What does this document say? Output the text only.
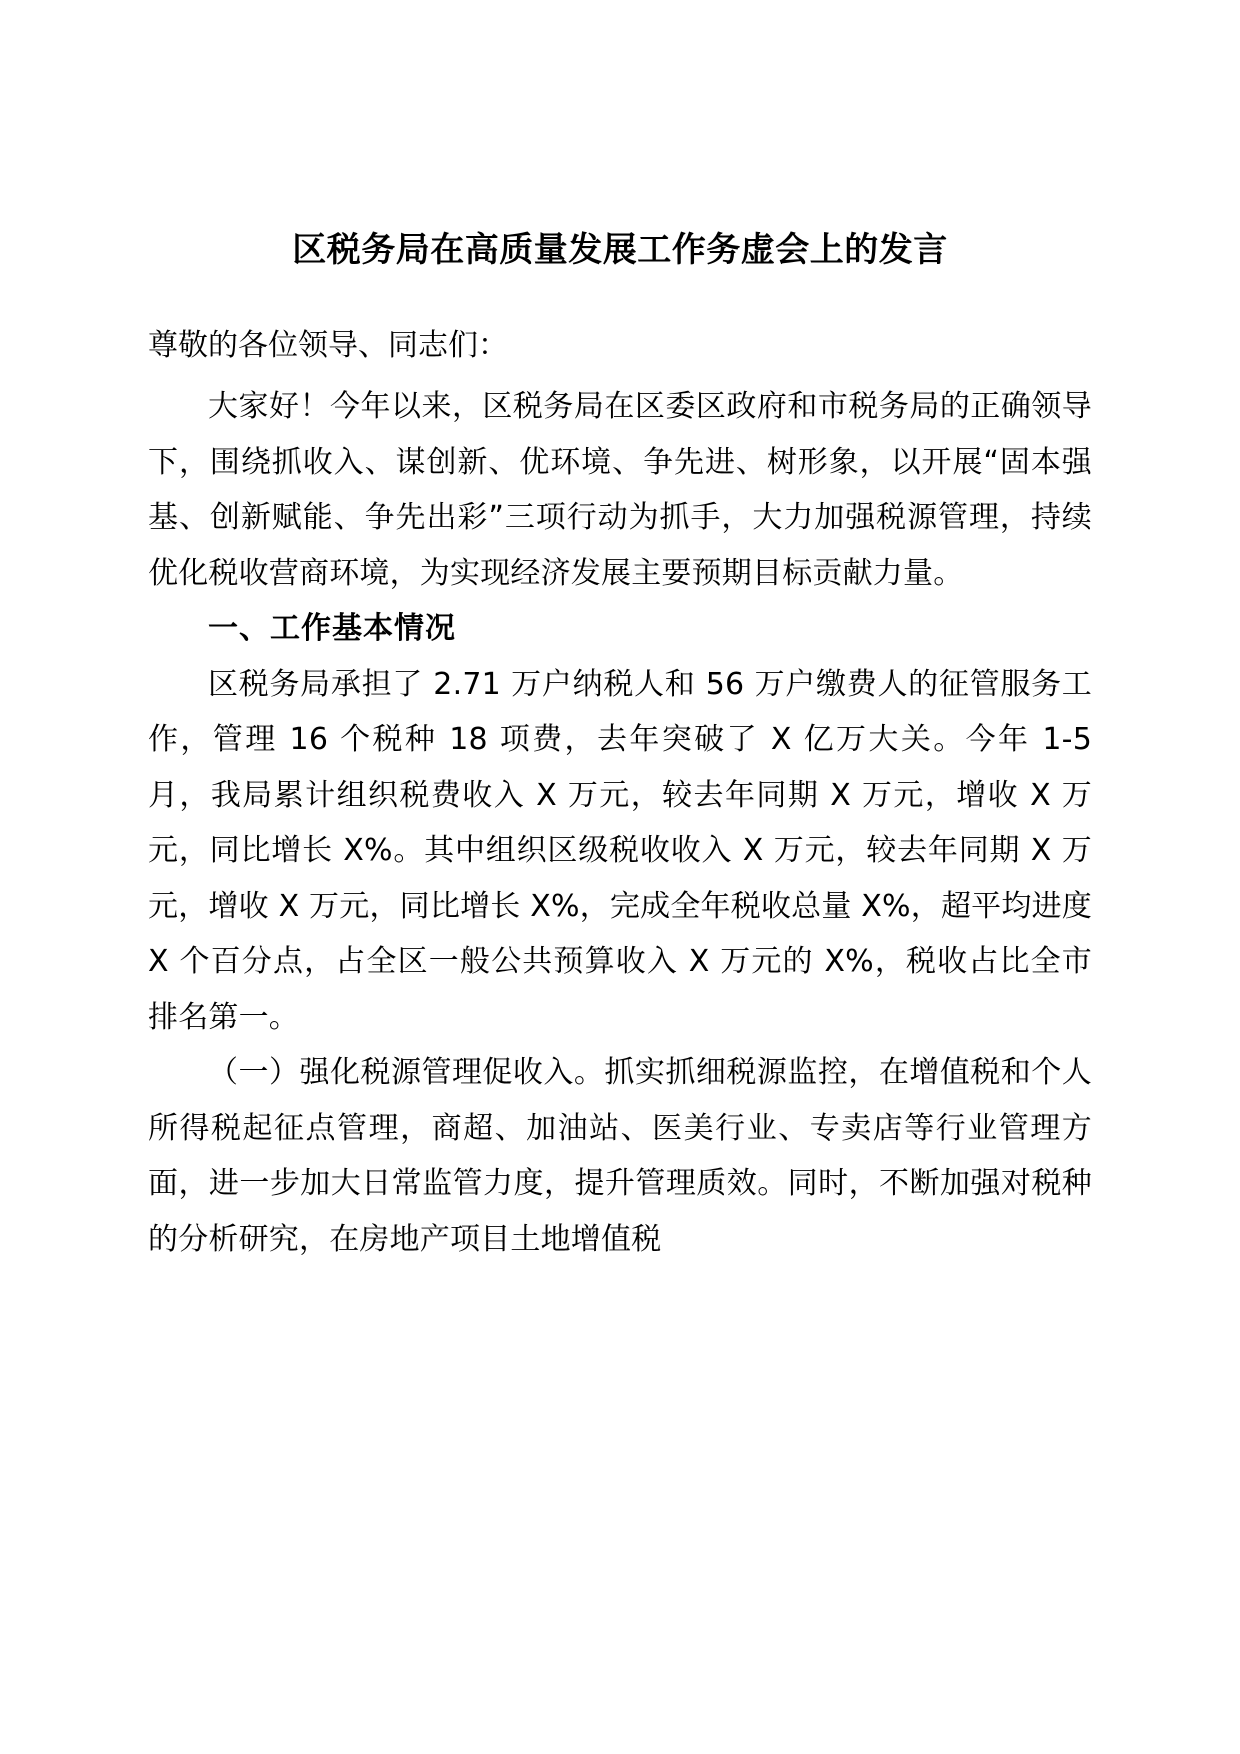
区税务局在高质量发展工作务虚会上的发言

尊敬的各位领导、同志们：

大家好！今年以来，区税务局在区委区政府和市税务局的正确领导下，围绕抓收入、谋创新、优环境、争先进、树形象，以开展“固本强基、创新赋能、争先出彩”三项行动为抓手，大力加强税源管理，持续优化税收营商环境，为实现经济发展主要预期目标贡献力量。

一、工作基本情况

区税务局承担了 2.71 万户纳税人和 56 万户缴费人的征管服务工作，管理 16 个税种 18 项费，去年突破了 X 亿万大关。今年 1‑5 月，我局累计组织税费收入 X 万元，较去年同期 X 万元，增收 X 万元，同比增长 X%。其中组织区级税收收入 X 万元，较去年同期 X 万元，增收 X 万元，同比增长 X%，完成全年税收总量 X%，超平均进度 X 个百分点，占全区一般公共预算收入 X 万元的 X%，税收占比全市排名第一。

（一）强化税源管理促收入。抓实抓细税源监控，在增值税和个人所得税起征点管理，商超、加油站、医美行业、专卖店等行业管理方面，进一步加大日常监管力度，提升管理质效。同时，不断加强对税种的分析研究，在房地产项目土地增值税
